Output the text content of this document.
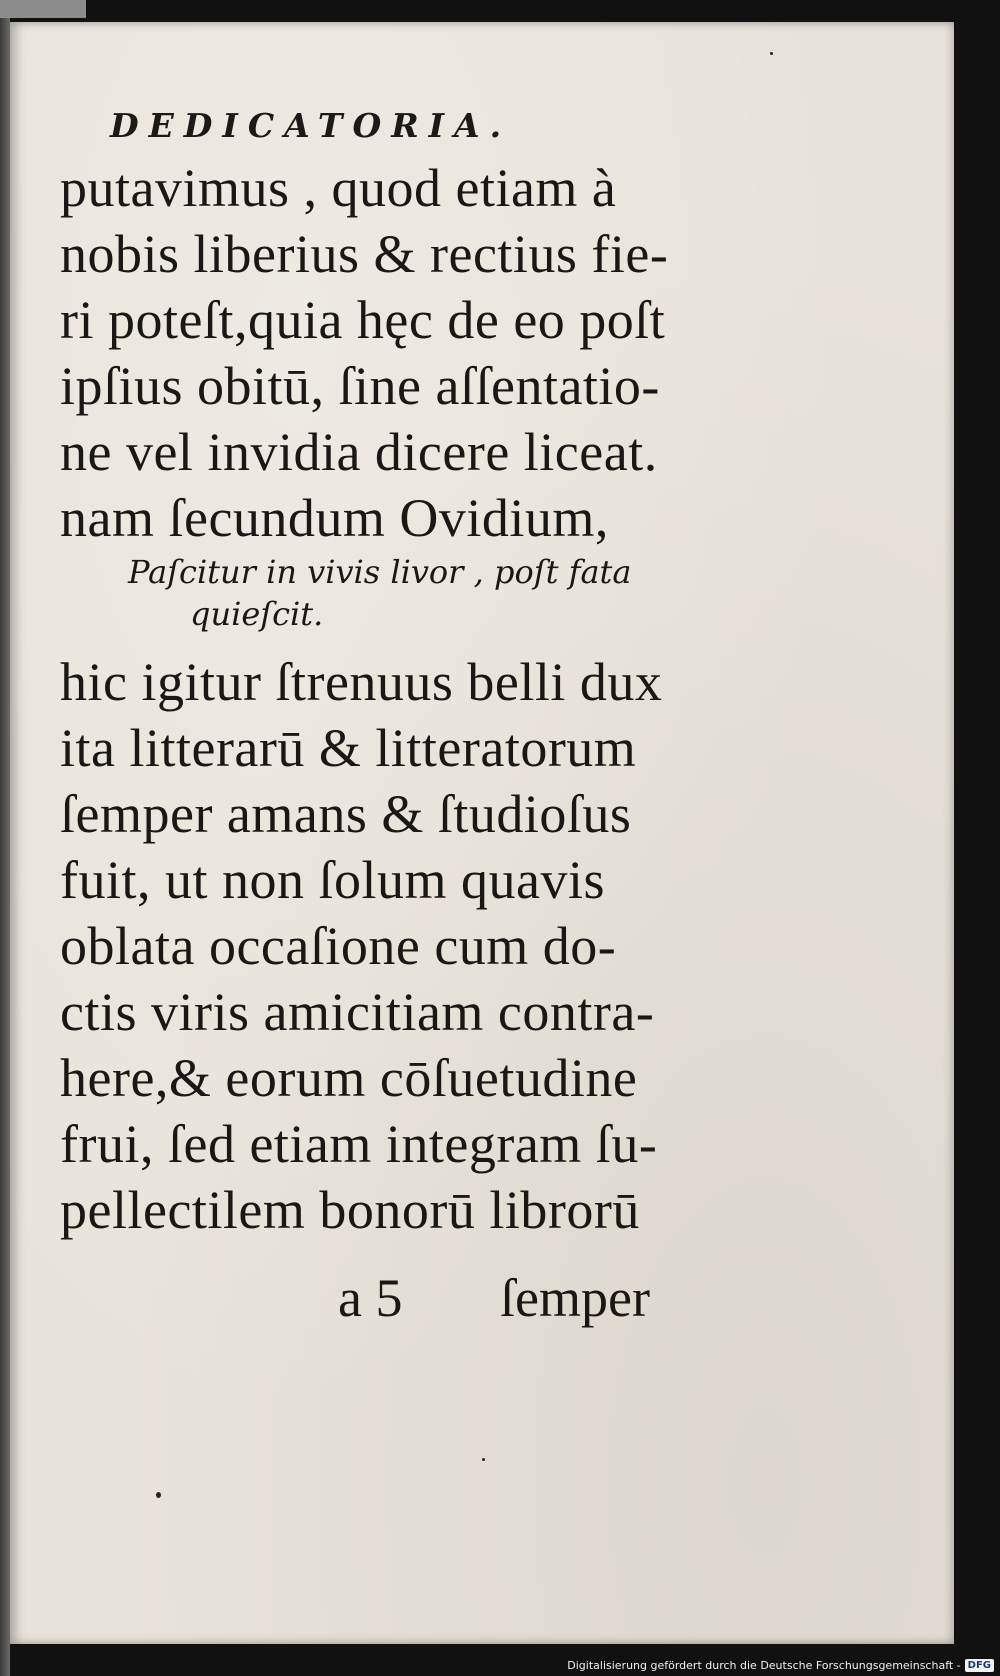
DEDICATORIA.
putavimus , quod etiam à
nobis liberius & rectius fie-
ri poteſt,quia hęc de eo poſt
ipſius obitū, ſine aſſentatio-
ne vel invidia dicere liceat.
nam ſecundum Ovidium,
Paſcitur in vivis livor , poſt fata
quieſcit.
hic igitur ſtrenuus belli dux
ita litterarū & litteratorum
ſemper amans & ſtudioſus
fuit, ut non ſolum quavis
oblata occaſione cum do-
ctis viris amicitiam contra-
here,& eorum cōſuetudine
frui, ſed etiam integram ſu-
pellectilem bonorū librorū
a 5 ſemper
Digitalisierung gefördert durch die Deutsche Forschungsgemeinschaft - DFG
